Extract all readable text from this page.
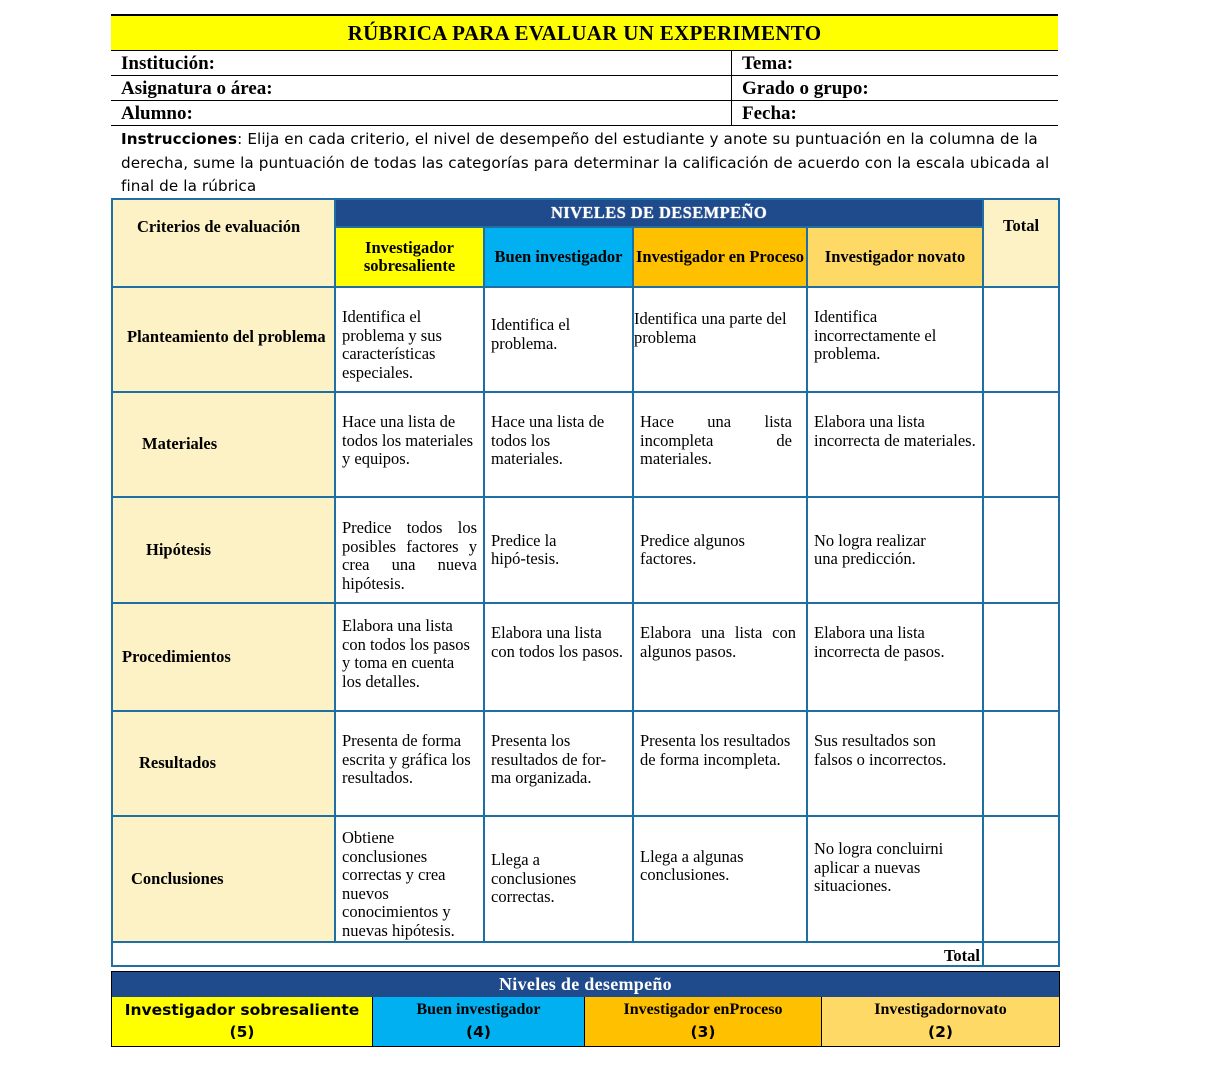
RÚBRICA PARA EVALUAR UN EXPERIMENTO
Institución:	Tema:
Asignatura o área:	Grado o grupo:
Alumno:	Fecha:
Instrucciones: Elija en cada criterio, el nivel de desempeño del estudiante y anote su puntuación en la columna de la derecha, sume la puntuación de todas las categorías para determinar la calificación de acuerdo con la escala ubicada al final de la rúbrica
Criterios de evaluación	NIVELES DE DESEMPEÑO				Total
	Investigador sobresaliente	Buen investigador	Investigador en Proceso	Investigador novato	
Planteamiento del problema	Identifica el problema y sus características especiales.	Identifica el problema.	Identifica una parte del problema	Identifica incorrectamente el problema.	
Materiales	Hace una lista de todos los materiales y equipos.	Hace una lista de todos los materiales.	Hace una lista incompleta de materiales.	Elabora una lista incorrecta de materiales.	
Hipótesis	Predice todos los posibles factores y crea una nueva hipótesis.	Predice la hipó-tesis.	Predice algunos factores.	No logra realizar una predicción.	
Procedimientos	Elabora una lista con todos los pasos y toma en cuenta los detalles.	Elabora una lista con todos los pasos.	Elabora una lista con algunos pasos.	Elabora una lista incorrecta de pasos.	
Resultados	Presenta de forma escrita y gráfica los resultados.	Presenta los resultados de for-ma organizada.	Presenta los resultados de forma incompleta.	Sus resultados son falsos o incorrectos.	
Conclusiones	Obtiene conclusiones correctas y crea nuevos conocimientos y nuevas hipótesis.	Llega a conclusiones correctas.	Llega a algunas conclusiones.	No logra concluirni aplicar a nuevas situaciones.	
Total					
Niveles de desempeño
Investigador sobresaliente
(5)
Buen investigador
(4)
Investigador enProceso
(3)
Investigadornovato
(2)
